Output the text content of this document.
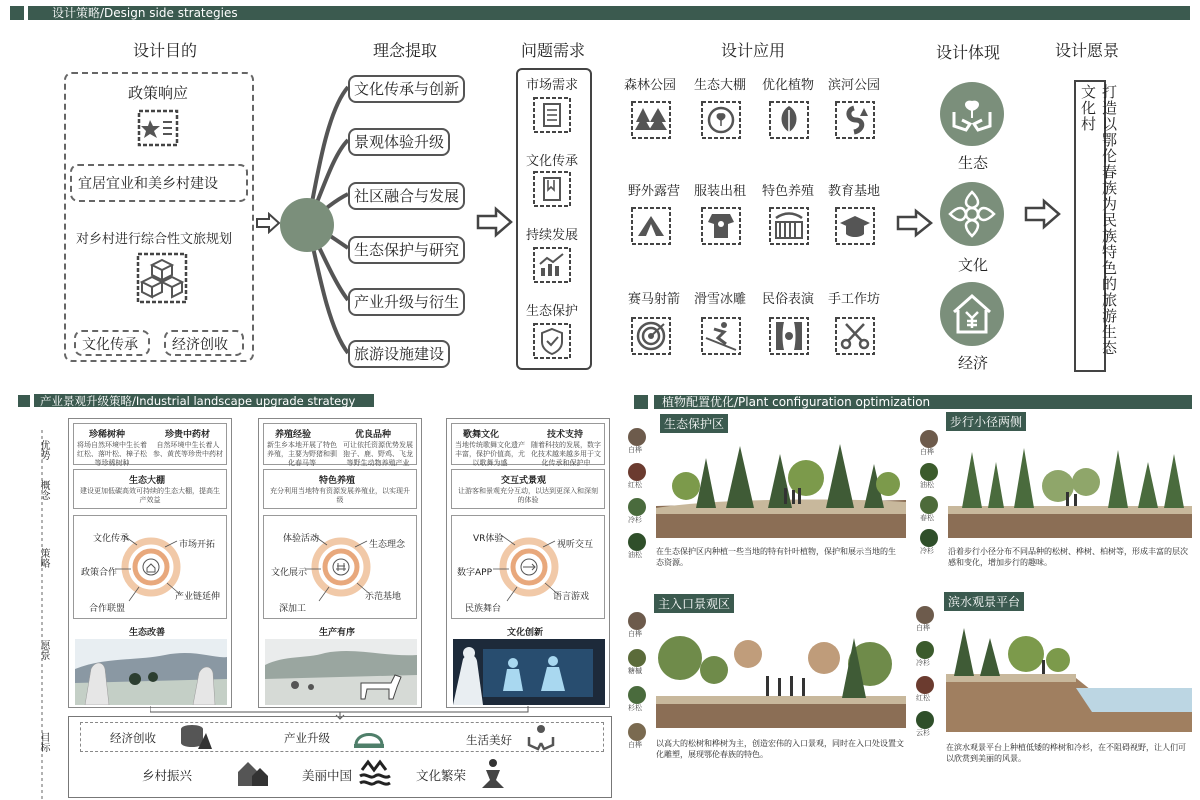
设计策略/Design side strategies
设计目的	理念提取	问题需求	设计应用	设计体现	设计愿景
政策响应
宜居宜业和美乡村建设
对乡村进行综合性文旅规划
文化传承 经济创收
文化传承与创新
景观体验升级
社区融合与发展
生态保护与研究
产业升级与衍生
旅游设施建设
市场需求
文化传承
持续发展
生态保护
森林公园 生态大棚 优化植物 滨河公园
野外露营 服装出租 特色养殖 教育基地
赛马射箭 滑雪冰雕 民俗表演 手工作坊
生态
文化
经济
打造以鄂伦春族为民族特色的旅游生态文化村
产业景观升级策略/Industrial landscape upgrade strategy
优势
概念
策略
愿景
目标
珍稀树种	珍贵中药材
将场自然环境中生长着红松、落叶松、樟子松等珍稀树种
自然环境中生长着人参、黄芪等珍贵中药材
生态大棚
建设更加低碳高效可持续的生态大棚，提高生产效益
文化传承
市场开拓
政策合作
产业链延伸
合作联盟
生态改善
养殖经验	优良品种
新生乡本地开展了特色养殖，主要为野猪和驯化春马等
可让依托资源优势发展狍子、鹿、野鸡、飞龙等野生动物养殖产业
特色养殖
充分利用当地特有资源发展养殖业，以实现升级
体验活动
生态理念
文化展示
深加工
示范基地
生产有序
歌舞文化	技术支持
当地传统歌舞文化遗产丰富，保护价值高，尤以歌舞为盛
随着科技的发展，数字化技术越来越多用于文化传承和保护中
交互式景观
让游客和景观充分互动，以达到更深入和深刻的体验
VR体验
视听交互
数字APP
语言游戏
民族舞台
文化创新
经济创收	产业升级	生活美好
乡村振兴	美丽中国	文化繁荣
植物配置优化/Plant configuration optimization
生态保护区
白桦
红松
冷杉
油松	在生态保护区内种植一些当地的特有针叶植物，保护和展示当地的生态资源。
步行小径两侧
白桦
油松
春松
冷杉	沿着步行小径分布不同品种的松树、桦树、柏树等，形成丰富的层次感和变化，增加步行的趣味。
主入口景观区
白桦
糖槭
杉松
白桦	以高大的松树和桦树为主，创造宏伟的入口景观，同时在入口处设置文化雕塑，展现鄂伦春族的特色。
滨水观景平台
白桦
冷杉
红松
云杉
在滨水观景平台上种植低矮的桦树和冷杉，在不阻碍视野，让人们可以欣赏到美丽的风景。
